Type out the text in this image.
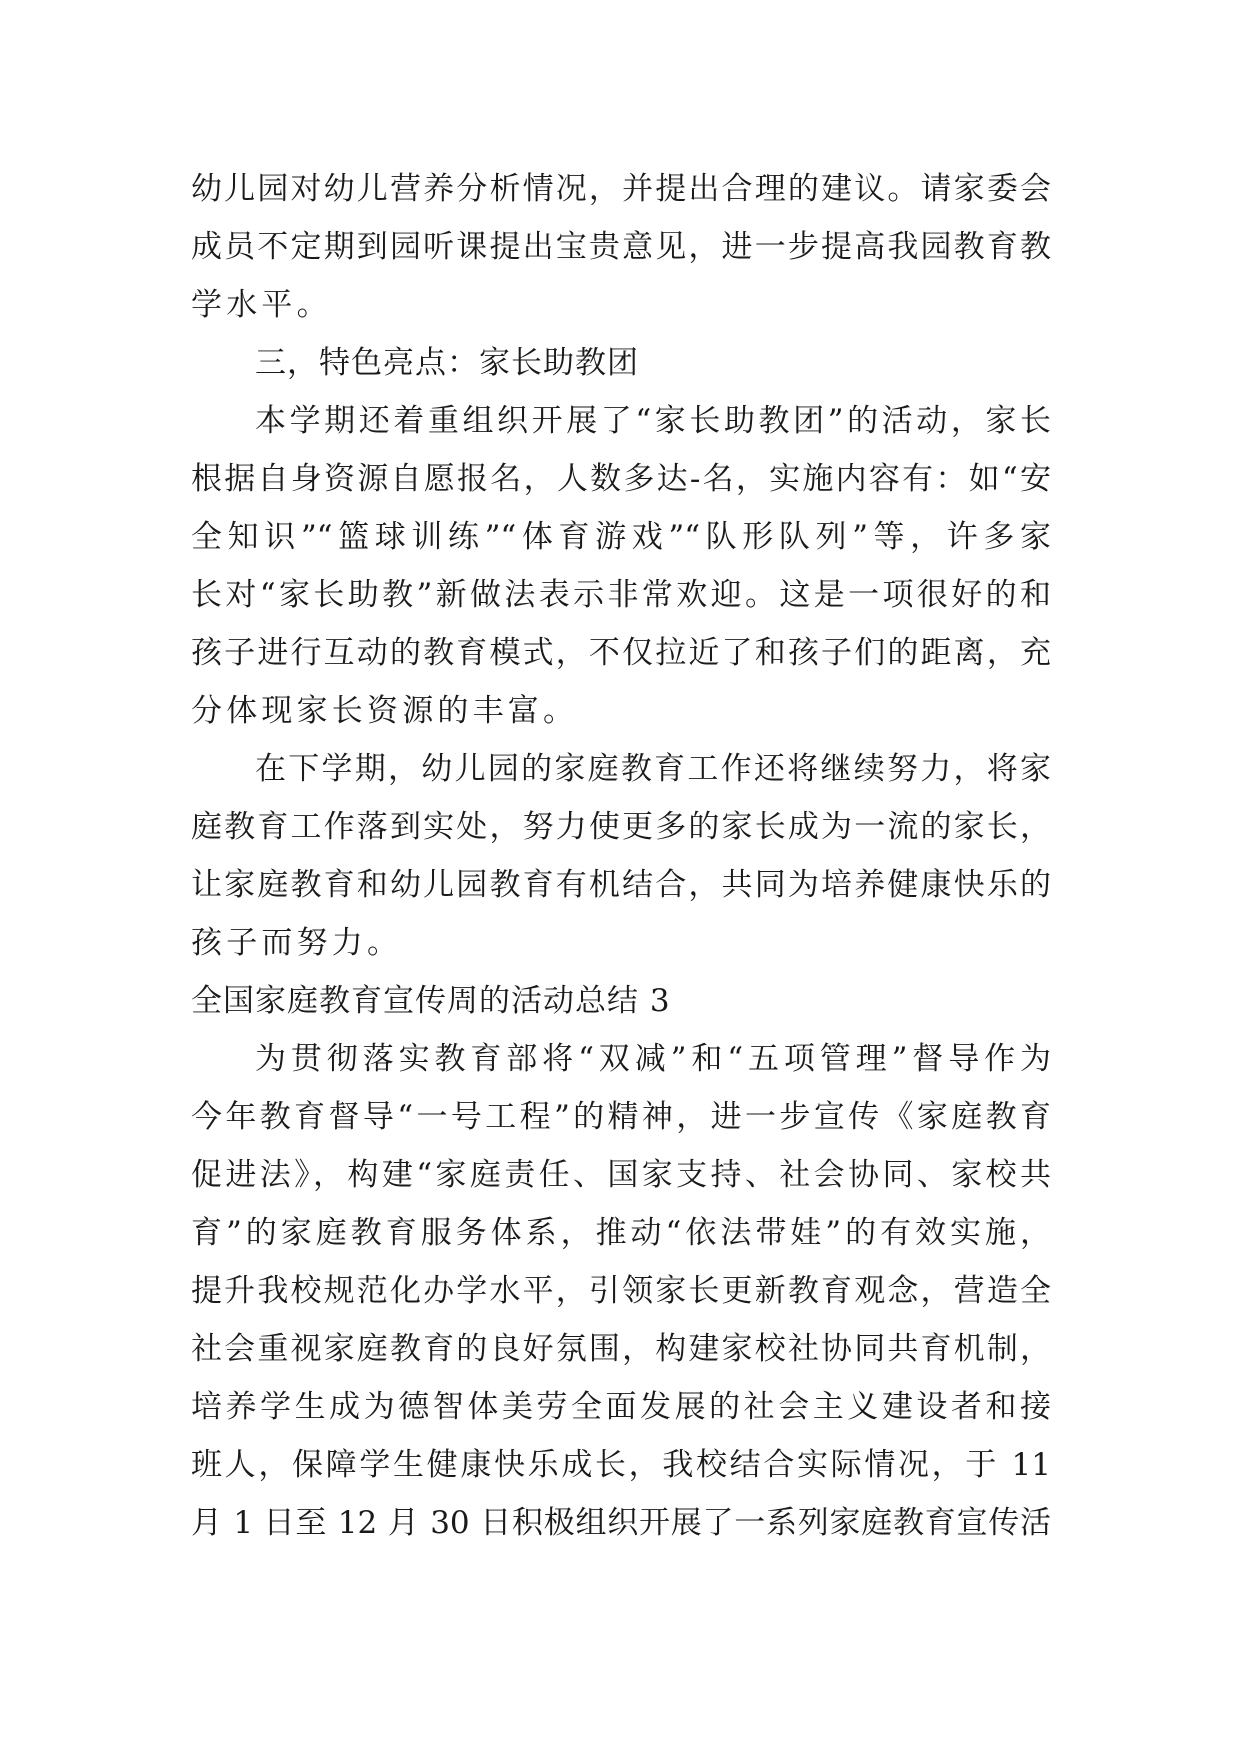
幼儿园对幼儿营养分析情况，并提出合理的建议。请家委会
成员不定期到园听课提出宝贵意见，进一步提高我园教育教
学水平。
三，特色亮点：家长助教团
本学期还着重组织开展了“家长助教团”的活动，家长
根据自身资源自愿报名，人数多达-名，实施内容有：如“安
全知识”“篮球训练”“体育游戏”“队形队列”等，许多家
长对“家长助教”新做法表示非常欢迎。这是一项很好的和
孩子进行互动的教育模式，不仅拉近了和孩子们的距离，充
分体现家长资源的丰富。
在下学期，幼儿园的家庭教育工作还将继续努力，将家
庭教育工作落到实处，努力使更多的家长成为一流的家长，
让家庭教育和幼儿园教育有机结合，共同为培养健康快乐的
孩子而努力。
全国家庭教育宣传周的活动总结 3
为贯彻落实教育部将“双减”和“五项管理”督导作为
今年教育督导“一号工程”的精神，进一步宣传《家庭教育
促进法》，构建“家庭责任、国家支持、社会协同、家校共
育”的家庭教育服务体系，推动“依法带娃”的有效实施，
提升我校规范化办学水平，引领家长更新教育观念，营造全
社会重视家庭教育的良好氛围，构建家校社协同共育机制，
培养学生成为德智体美劳全面发展的社会主义建设者和接
班人，保障学生健康快乐成长，我校结合实际情况，于 11
月 1 日至 12 月 30 日积极组织开展了一系列家庭教育宣传活
